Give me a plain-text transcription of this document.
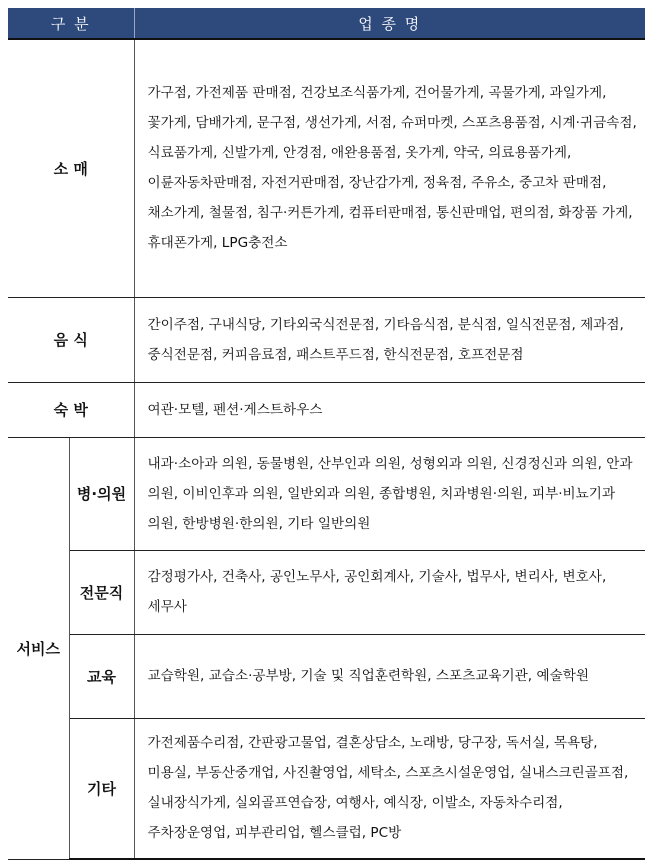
구 분		업 종 명
소 매		가구점, 가전제품 판매점, 건강보조식품가게, 건어물가게, 곡물가게, 과일가게, 꽃가게, 담배가게, 문구점, 생선가게, 서점, 슈퍼마켓, 스포츠용품점, 시계·귀금속점, 식료품가게, 신발가게, 안경점, 애완용품점, 옷가게, 약국, 의료용품가게, 이륜자동차판매점, 자전거판매점, 장난감가게, 정육점, 주유소, 중고차 판매점, 채소가게, 철물점, 침구·커튼가게, 컴퓨터판매점, 통신판매업, 편의점, 화장품 가게, 휴대폰가게, LPG충전소
음 식		간이주점, 구내식당, 기타외국식전문점, 기타음식점, 분식점, 일식전문점, 제과점, 중식전문점, 커피음료점, 패스트푸드점, 한식전문점, 호프전문점
숙 박		여관·모텔, 펜션·게스트하우스
서비스	병·의원	내과·소아과 의원, 동물병원, 산부인과 의원, 성형외과 의원, 신경정신과 의원, 안과 의원, 이비인후과 의원, 일반외과 의원, 종합병원, 치과병원·의원, 피부·비뇨기과 의원, 한방병원·한의원, 기타 일반의원
	전문직	감정평가사, 건축사, 공인노무사, 공인회계사, 기술사, 법무사, 변리사, 변호사, 세무사
	교육	교습학원, 교습소·공부방, 기술 및 직업훈련학원, 스포츠교육기관, 예술학원
	기타	가전제품수리점, 간판광고물업, 결혼상담소, 노래방, 당구장, 독서실, 목욕탕, 미용실, 부동산중개업, 사진촬영업, 세탁소, 스포츠시설운영업, 실내스크린골프점, 실내장식가게, 실외골프연습장, 여행사, 예식장, 이발소, 자동차수리점, 주차장운영업, 피부관리업, 헬스클럽, PC방
